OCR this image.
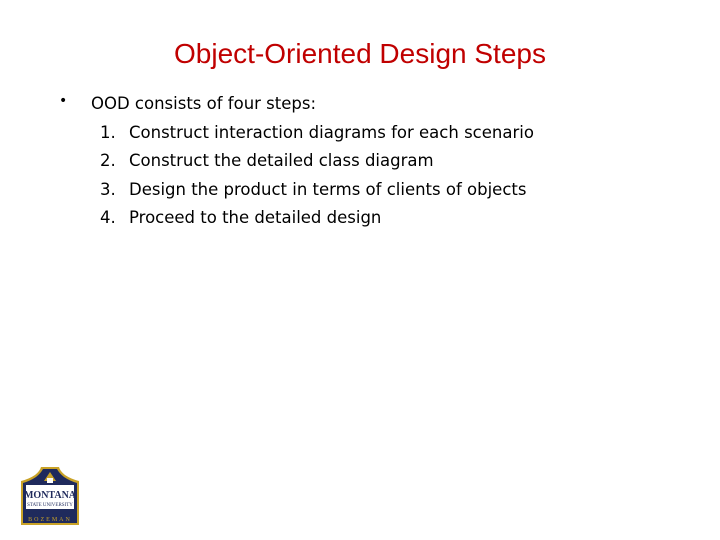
Object-Oriented Design Steps
• OOD consists of four steps:
1. Construct interaction diagrams for each scenario
2. Construct the detailed class diagram
3. Design the product in terms of clients of objects
4. Proceed to the detailed design
MONTANA
STATE UNIVERSITY
BOZEMAN
